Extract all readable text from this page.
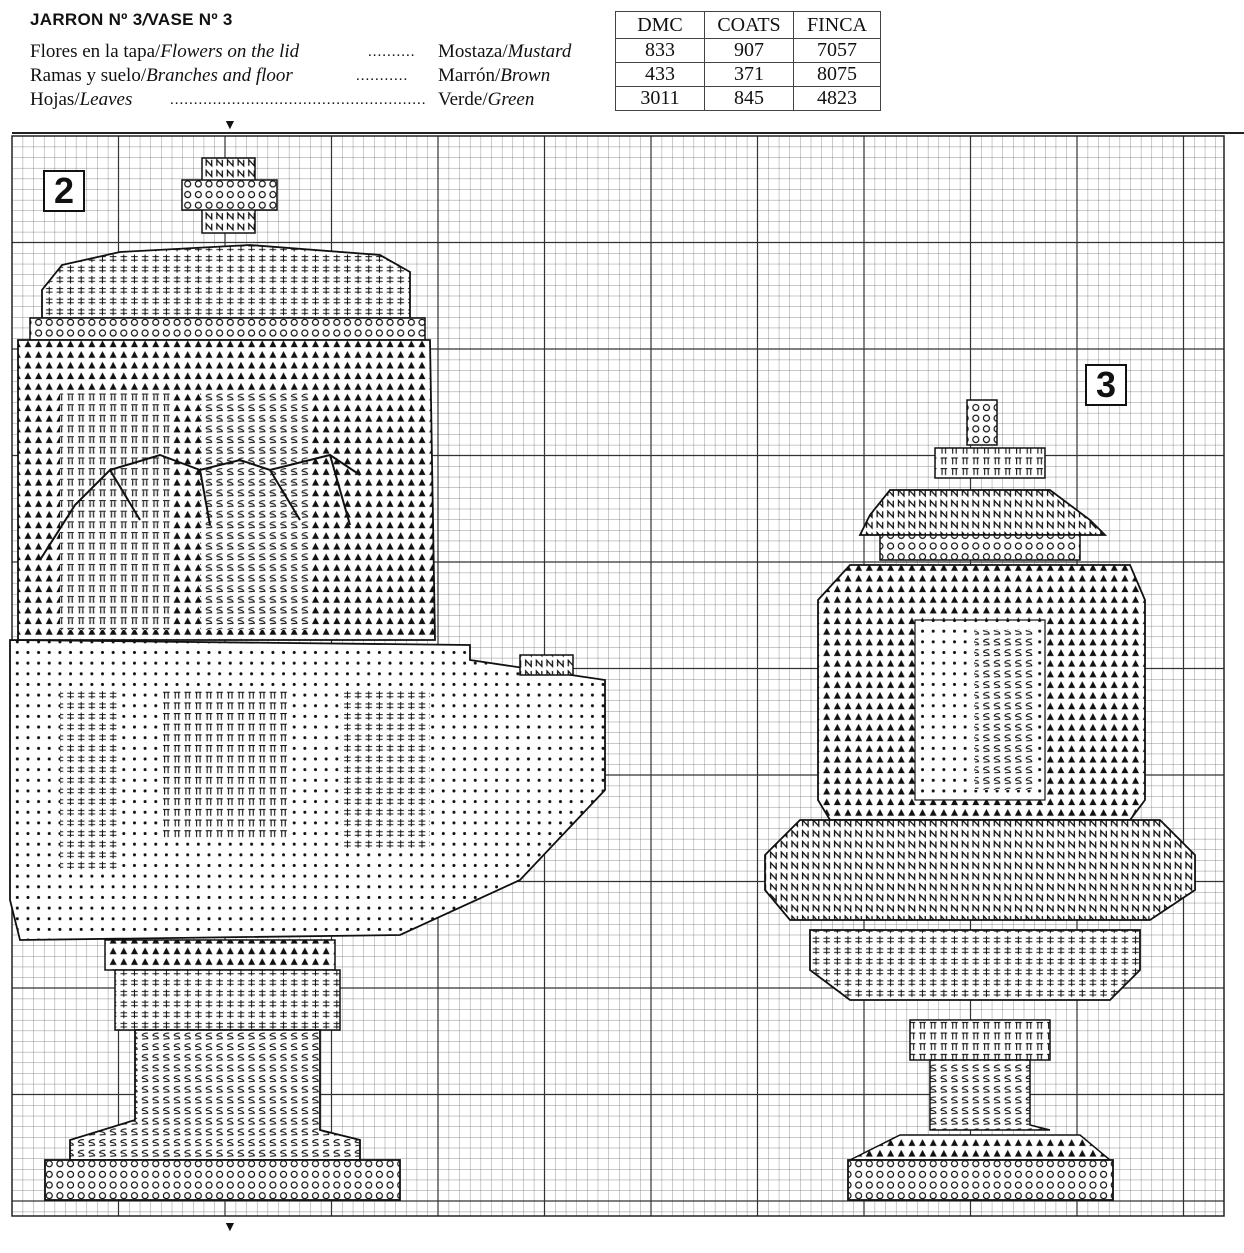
JARRON Nº 3/VASE Nº 3
Flores en la tapa/Flowers on the lid	..........	Mostaza/Mustard
Ramas y suelo/Branches and floor	...........	Marrón/Brown
Hojas/Leaves	...................................................... Verde/Green
DMC	COATS	FINCA
833	907	7057
433	371	8075
3011	845	4823
2
3
▼
▼
